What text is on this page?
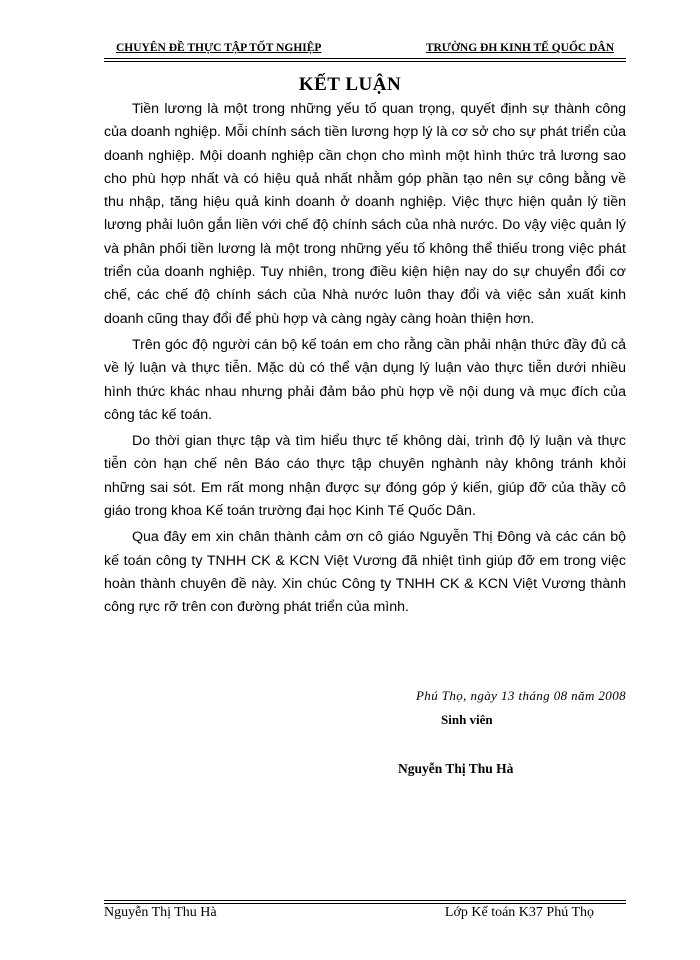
CHUYÊN ĐỀ THỰC TẬP TỐT NGHIỆP	TRƯỜNG ĐH KINH TẾ QUỐC DÂN
KẾT LUẬN

Tiền lương là một trong những yếu tố quan trọng, quyết định sự thành công của doanh nghiệp. Mỗi chính sách tiền lương hợp lý là cơ sở cho sự phát triển của doanh nghiệp. Mội doanh nghiệp cần chọn cho mình một hình thức trả lương sao cho phù hợp nhất và có hiệu quả nhất nhằm góp phần tạo nên sự công bằng về thu nhập, tăng hiệu quả kinh doanh ở doanh nghiệp. Việc thực hiện quản lý tiền lương phải luôn gắn liền với chế độ chính sách của nhà nước. Do vậy việc quản lý và phân phối tiền lương là một trong những yếu tố không thể thiếu trong việc phát triển của doanh nghiệp. Tuy nhiên, trong điều kiện hiện nay do sự chuyển đổi cơ chế, các chế độ chính sách của Nhà nước luôn thay đổi và việc sản xuất kinh doanh cũng thay đổi để phù hợp và càng ngày càng hoàn thiện hơn.

Trên góc độ người cán bộ kế toán em cho rằng cần phải nhận thức đầy đủ cả về lý luận và thực tiễn. Mặc dù có thể vận dụng lý luận vào thực tiễn dưới nhiều hình thức khác nhau nhưng phải đảm bảo phù hợp về nội dung và mục đích của công tác kế toán.

Do thời gian thực tập và tìm hiểu thực tế không dài, trình độ lý luận và thực tiễn còn hạn chế nên Báo cáo thực tập chuyên nghành này không tránh khỏi những sai sót. Em rất mong nhận được sự đóng góp ý kiến, giúp đỡ của thầy cô giáo trong khoa Kế toán trường đại học Kinh Tế Quốc Dân.

Qua đây em xin chân thành cảm ơn cô giáo Nguyễn Thị Đông và các cán bộ kế toán công ty TNHH CK & KCN Việt Vương đã nhiệt tình giúp đỡ em trong việc hoàn thành chuyên đề này. Xin chúc Công ty TNHH CK & KCN Việt Vương thành công rực rỡ trên con đường phát triển của mình.

Phú Thọ, ngày 13 tháng 08 năm 2008
Sinh viên
Nguyễn Thị Thu Hà
Nguyễn Thị Thu Hà	Lớp Kế toán K37 Phú Thọ
